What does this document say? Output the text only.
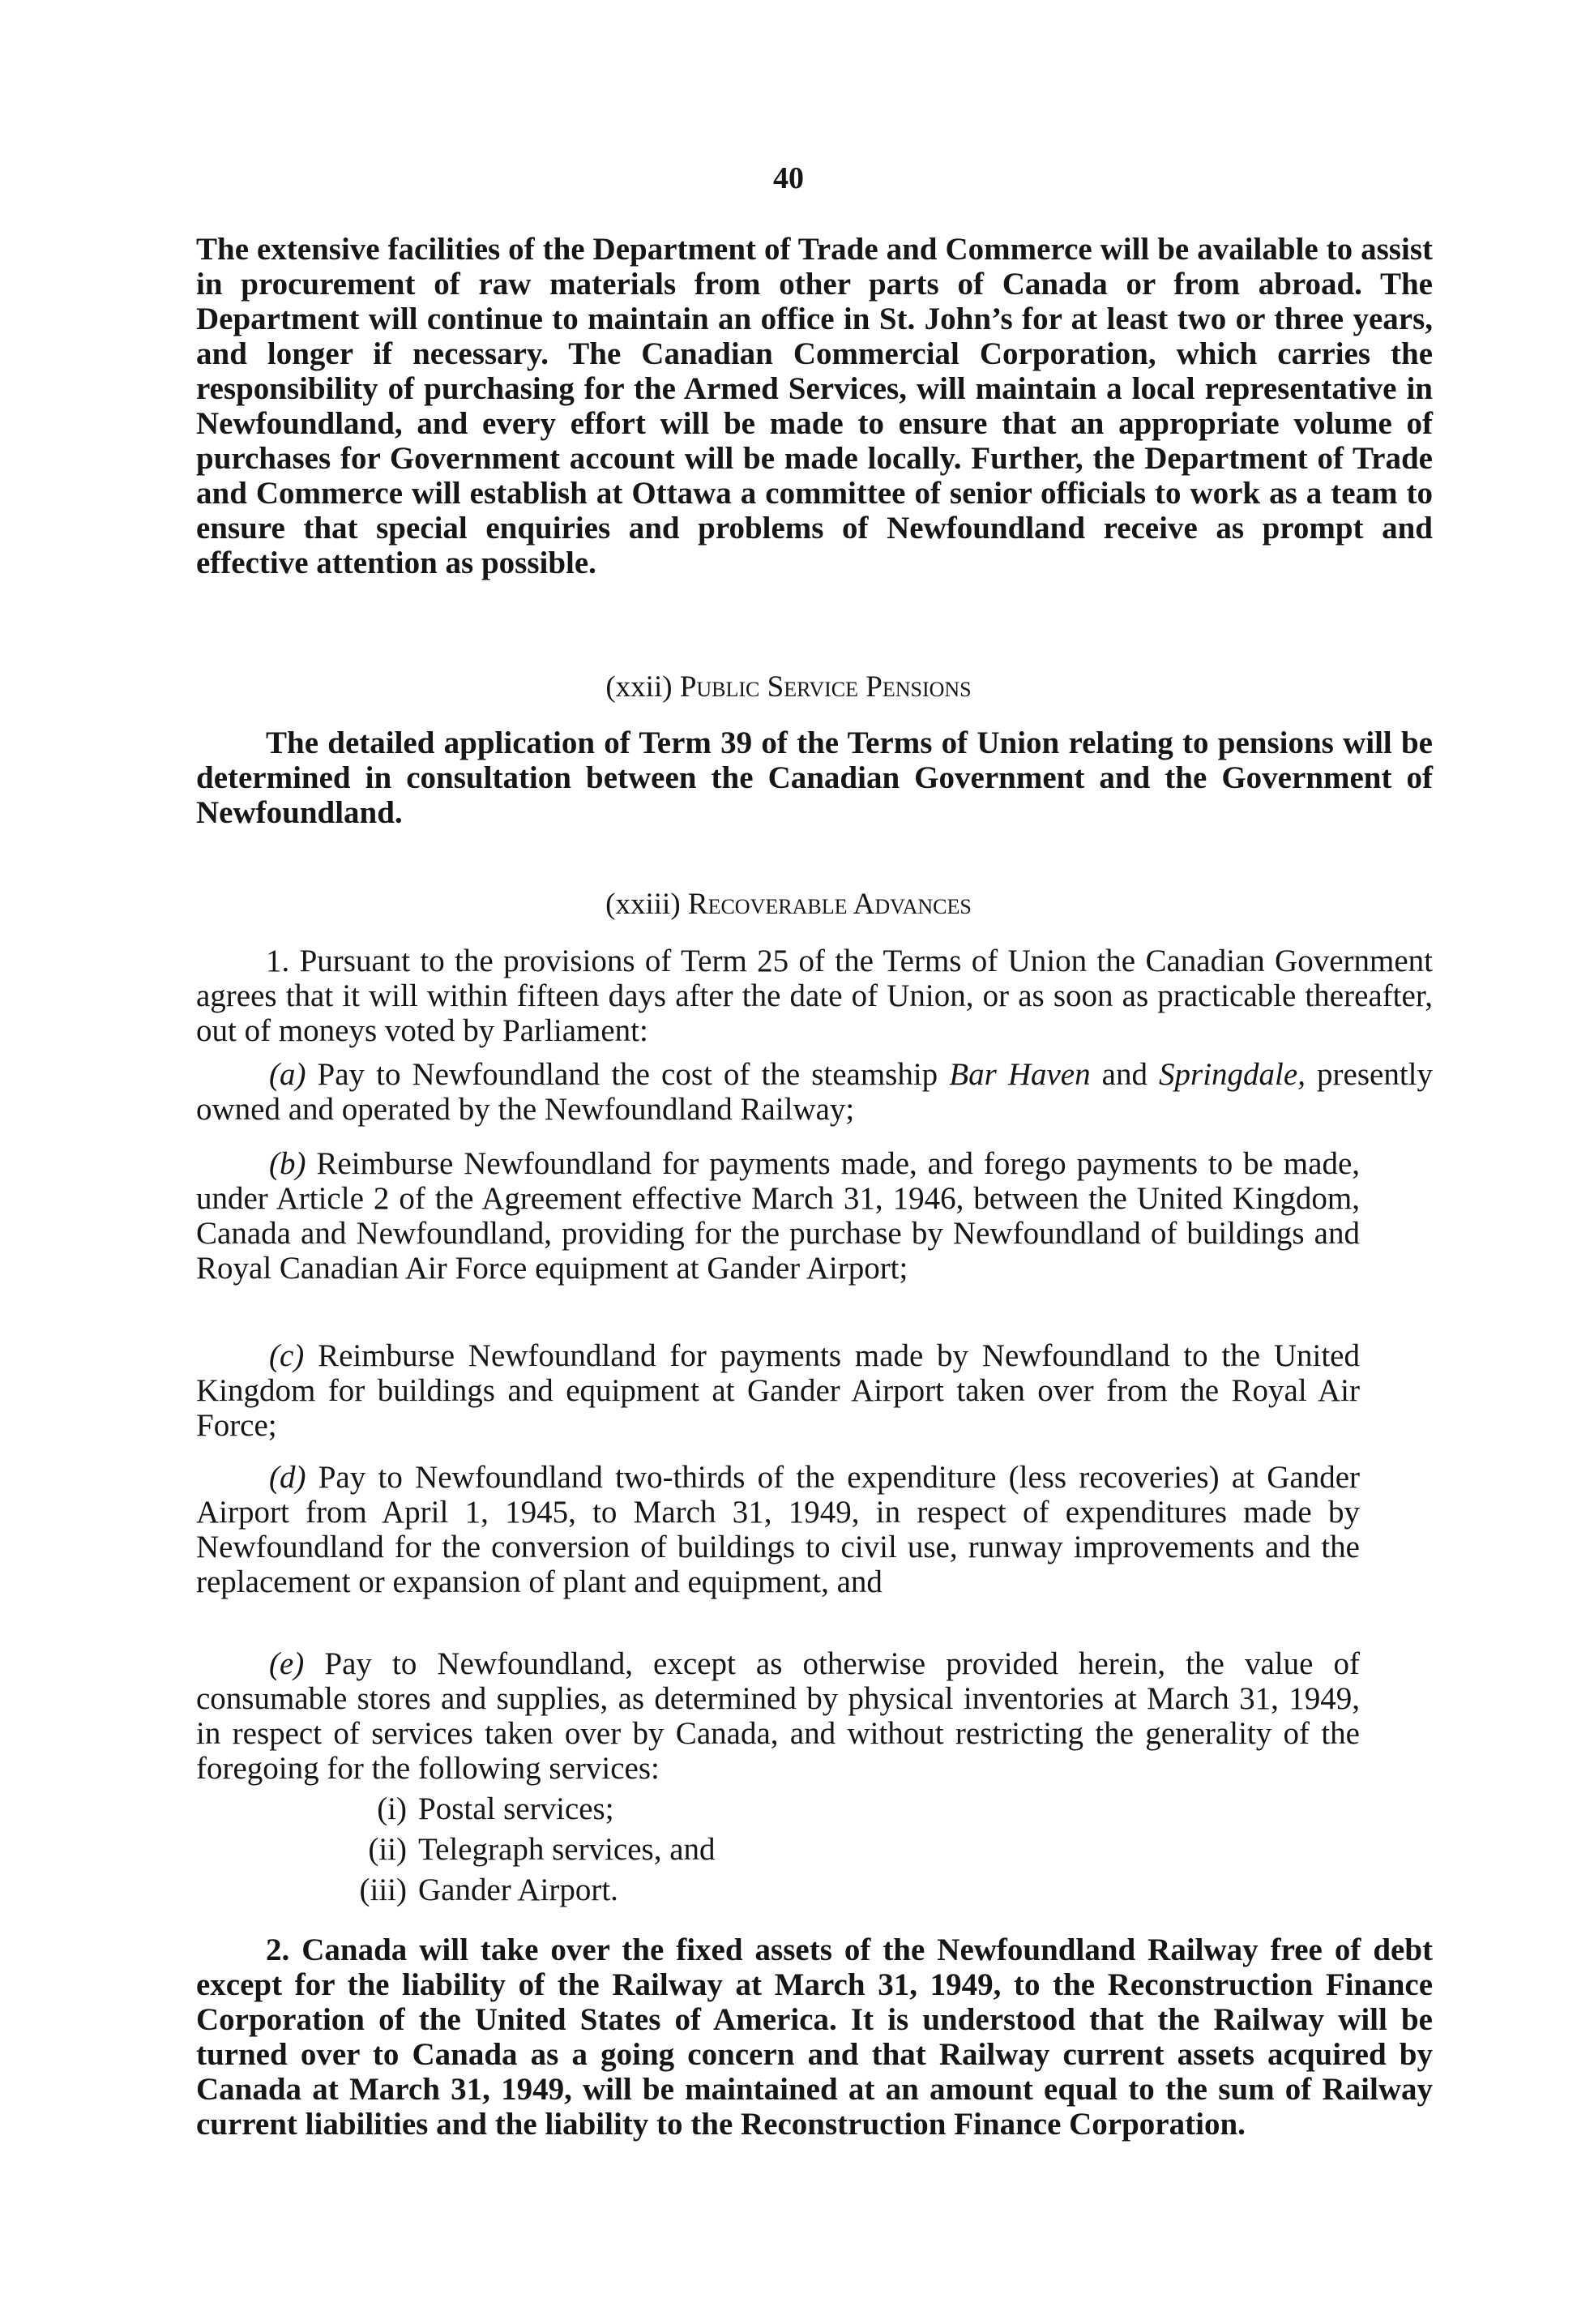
40

The extensive facilities of the Department of Trade and Commerce will be available to assist in procurement of raw materials from other parts of Canada or from abroad. The Department will continue to maintain an office in St. John’s for at least two or three years, and longer if necessary. The Canadian Commercial Corporation, which carries the responsibility of purchasing for the Armed Services, will maintain a local representative in Newfoundland, and every effort will be made to ensure that an appropriate volume of purchases for Government account will be made locally. Further, the Department of Trade and Commerce will establish at Ottawa a committee of senior officials to work as a team to ensure that special enquiries and problems of Newfoundland receive as prompt and effective attention as possible.

(xxii) Public Service Pensions

The detailed application of Term 39 of the Terms of Union relating to pensions will be determined in consultation between the Canadian Government and the Government of Newfoundland.

(xxiii) Recoverable Advances

1. Pursuant to the provisions of Term 25 of the Terms of Union the Canadian Government agrees that it will within fifteen days after the date of Union, or as soon as practicable thereafter, out of moneys voted by Parliament:

(a) Pay to Newfoundland the cost of the steamship Bar Haven and Springdale, presently owned and operated by the Newfoundland Railway;

(b) Reimburse Newfoundland for payments made, and forego payments to be made, under Article 2 of the Agreement effective March 31, 1946, between the United Kingdom, Canada and Newfoundland, providing for the purchase by Newfoundland of buildings and Royal Canadian Air Force equipment at Gander Airport;

(c) Reimburse Newfoundland for payments made by Newfoundland to the United Kingdom for buildings and equipment at Gander Airport taken over from the Royal Air Force;

(d) Pay to Newfoundland two-thirds of the expenditure (less recoveries) at Gander Airport from April 1, 1945, to March 31, 1949, in respect of expenditures made by Newfoundland for the conversion of buildings to civil use, runway improvements and the replacement or expansion of plant and equipment, and

(e) Pay to Newfoundland, except as otherwise provided herein, the value of consumable stores and supplies, as determined by physical inventories at March 31, 1949, in respect of services taken over by Canada, and without restricting the generality of the foregoing for the following services:

(i) Postal services;

(ii) Telegraph services, and

(iii) Gander Airport.

2. Canada will take over the fixed assets of the Newfoundland Railway free of debt except for the liability of the Railway at March 31, 1949, to the Reconstruction Finance Corporation of the United States of America. It is understood that the Railway will be turned over to Canada as a going concern and that Railway current assets acquired by Canada at March 31, 1949, will be maintained at an amount equal to the sum of Railway current liabilities and the liability to the Reconstruction Finance Corporation.
